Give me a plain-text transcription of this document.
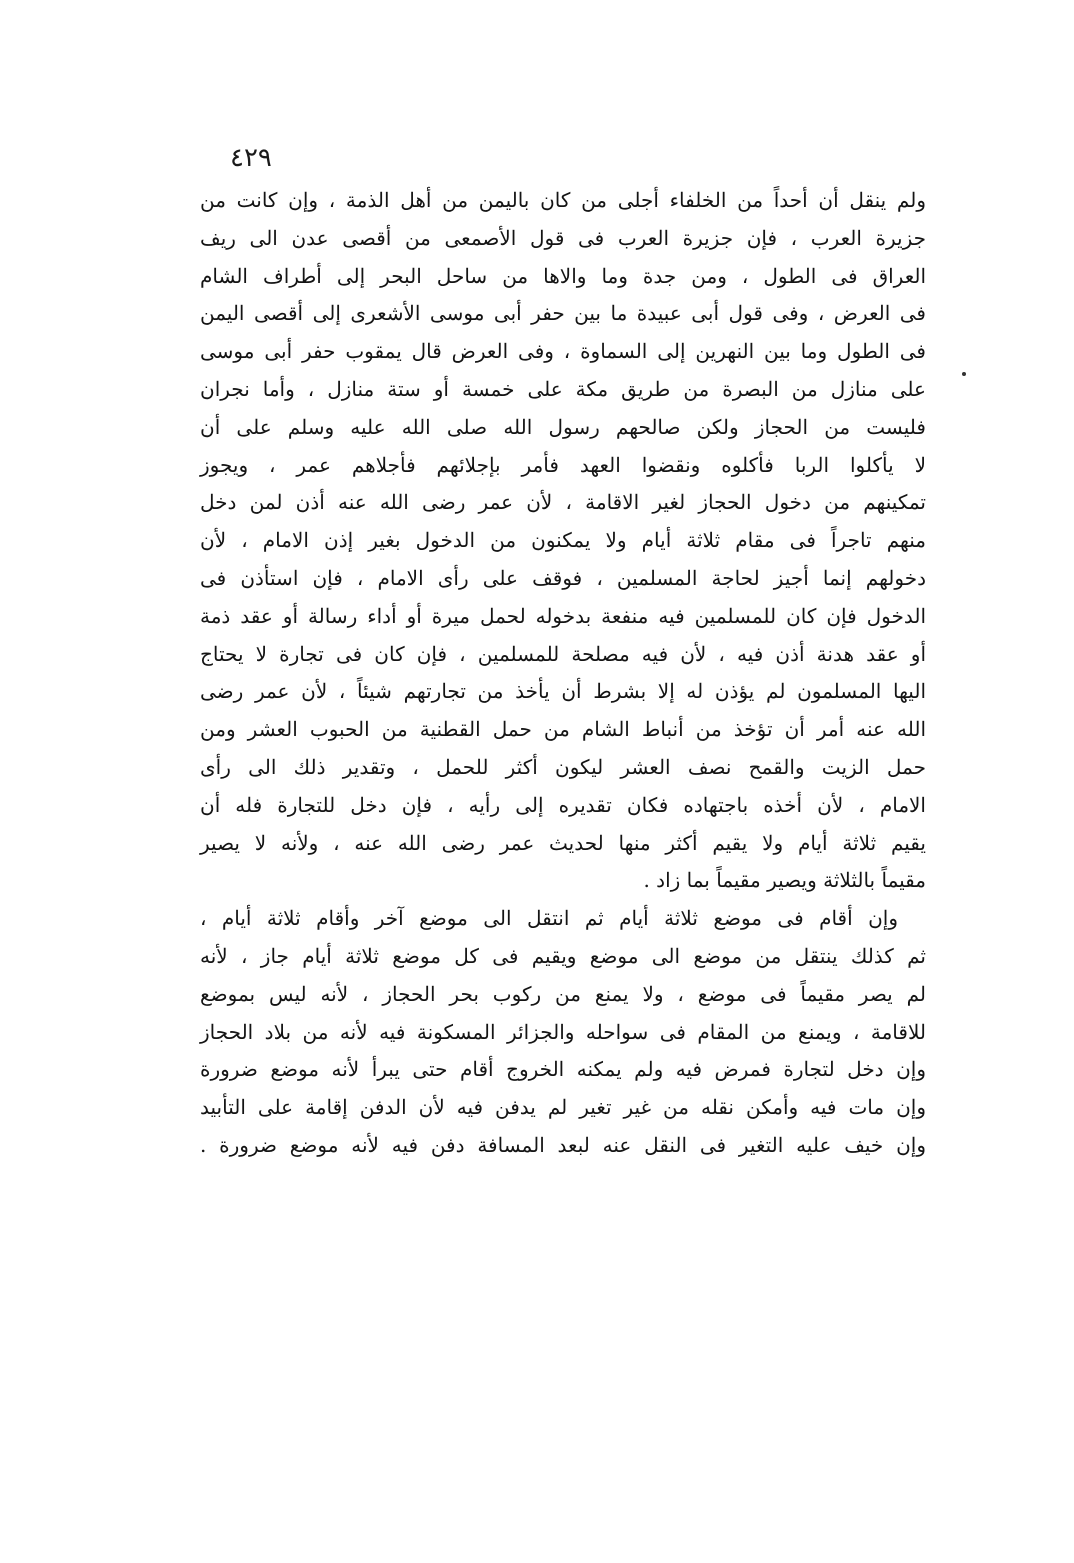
٤٢٩
ولم ينقل أن أحداً من الخلفاء أجلى من كان باليمن من أهل الذمة ، وإن كانت من
جزيرة العرب ، فإن جزيرة العرب فى قول الأصمعى من أقصى عدن الى ريف
العراق فى الطول ، ومن جدة وما والاها من ساحل البحر إلى أطراف الشام
فى العرض ، وفى قول أبى عبيدة ما بين حفر أبى موسى الأشعرى إلى أقصى اليمن
فى الطول وما بين النهرين إلى السماوة ، وفى العرض قال يمقوب حفر أبى موسى
على منازل من البصرة من طريق مكة على خمسة أو ستة منازل ، وأما نجران
فليست من الحجاز ولكن صالحهم رسول الله صلى الله عليه وسلم على أن
لا يأكلوا الربا فأكلوه ونقضوا العهد فأمر بإجلائهم فأجلاهم عمر ، ويجوز
تمكينهم من دخول الحجاز لغير الاقامة ، لأن عمر رضى الله عنه أذن لمن دخل
منهم تاجراً فى مقام ثلاثة أيام ولا يمكنون من الدخول بغير إذن الامام ، لأن
دخولهم إنما أجيز لحاجة المسلمين ، فوقف على رأى الامام ، فإن استأذن فى
الدخول فإن كان للمسلمين فيه منفعة بدخوله لحمل ميرة أو أداء رسالة أو عقد ذمة
أو عقد هدنة أذن فيه ، لأن فيه مصلحة للمسلمين ، فإن كان فى تجارة لا يحتاج
اليها المسلمون لم يؤذن له إلا بشرط أن يأخذ من تجارتهم شيئاً ، لأن عمر رضى
الله عنه أمر أن تؤخذ من أنباط الشام من حمل القطنية من الحبوب العشر ومن
حمل الزيت والقمح نصف العشر ليكون أكثر للحمل ، وتقدير ذلك الى رأى
الامام ، لأن أخذه باجتهاده فكان تقديره إلى رأيه ، فإن دخل للتجارة فله أن
يقيم ثلاثة أيام ولا يقيم أكثر منها لحديث عمر رضى الله عنه ، ولأنه لا يصير
مقيماً بالثلاثة ويصير مقيماً بما زاد .
وإن أقام فى موضع ثلاثة أيام ثم انتقل الى موضع آخر وأقام ثلاثة أيام ،
ثم كذلك ينتقل من موضع الى موضع ويقيم فى كل موضع ثلاثة أيام جاز ، لأنه
لم يصر مقيماً فى موضع ، ولا يمنع من ركوب بحر الحجاز ، لأنه ليس بموضع
للاقامة ، ويمنع من المقام فى سواحله والجزائر المسكونة فيه لأنه من بلاد الحجاز
وإن دخل لتجارة فمرض فيه ولم يمكنه الخروج أقام حتى يبرأ لأنه موضع ضرورة
وإن مات فيه وأمكن نقله من غير تغير لم يدفن فيه لأن الدفن إقامة على التأبيد
وإن خيف عليه التغير فى النقل عنه لبعد المسافة دفن فيه لأنه موضع ضرورة .
